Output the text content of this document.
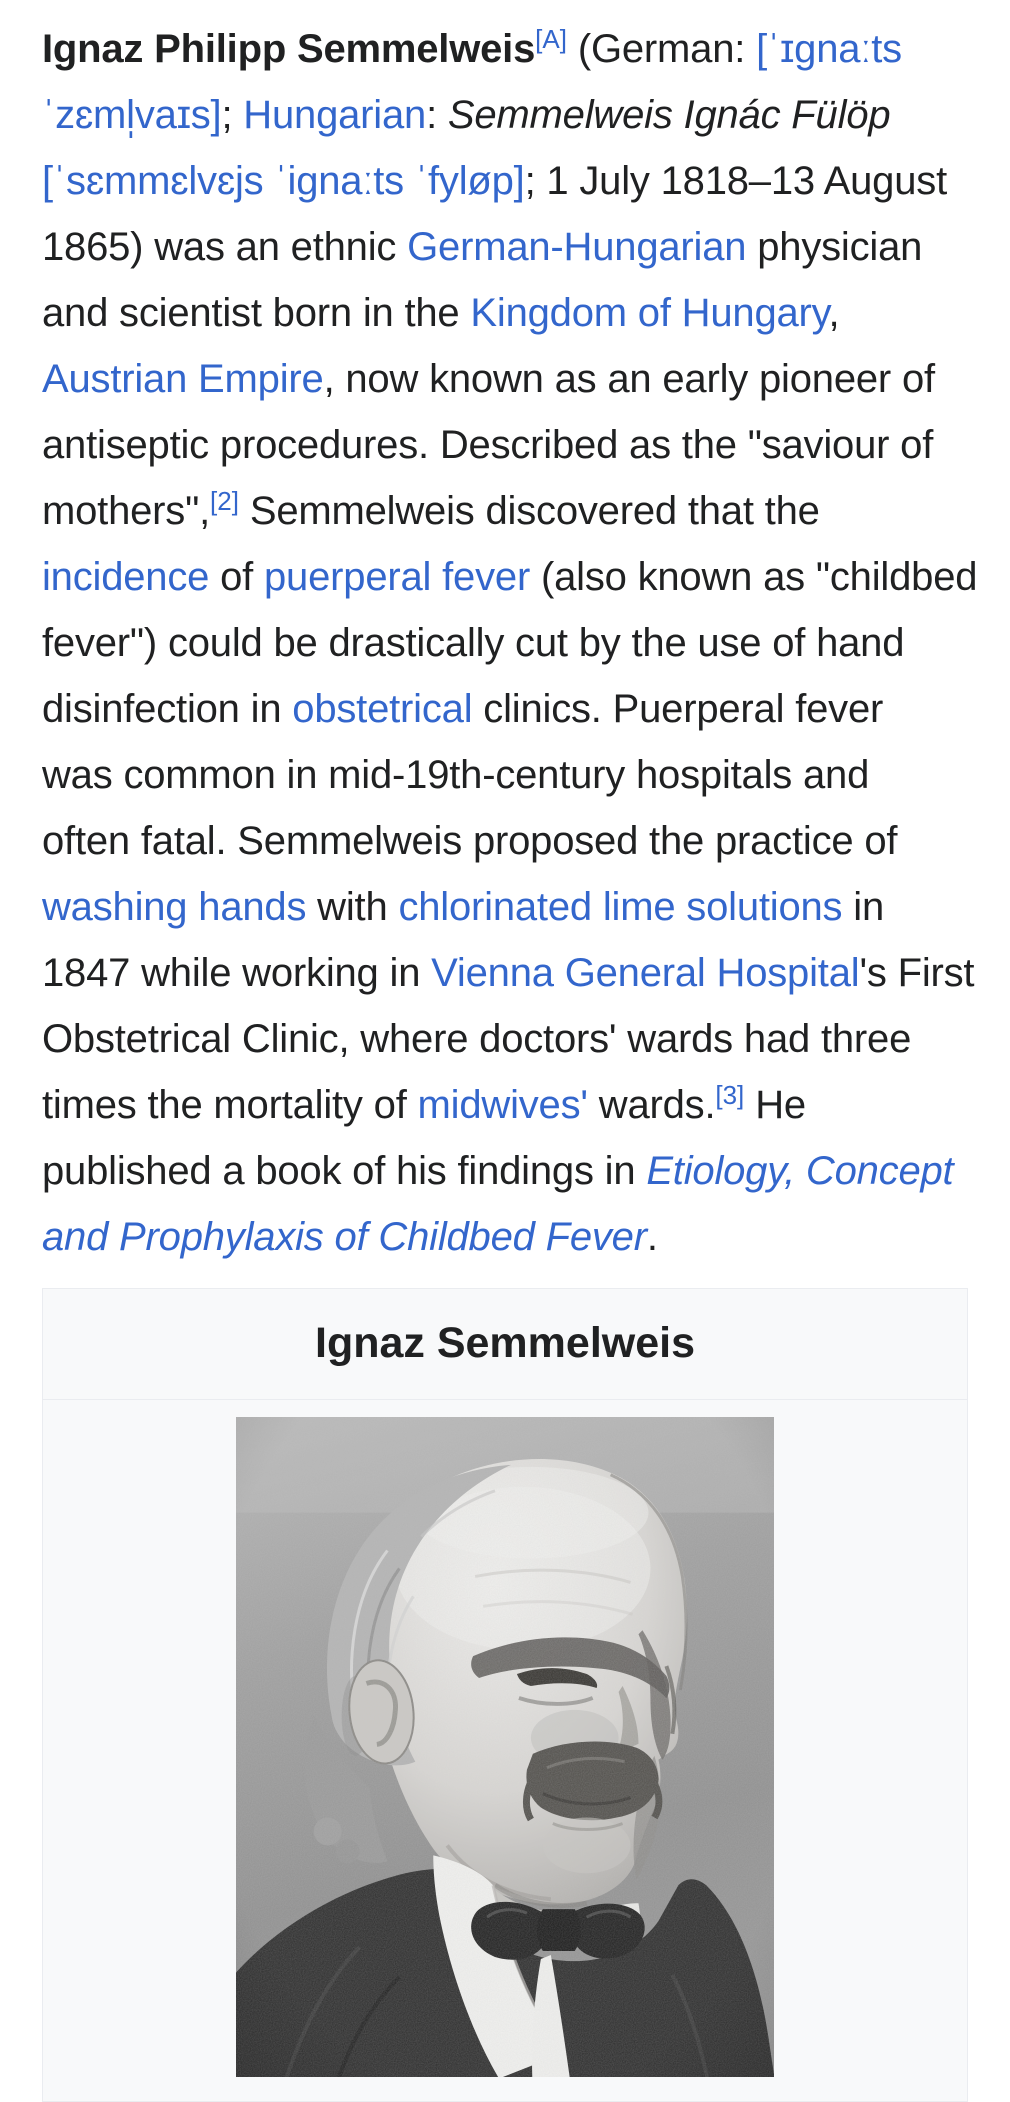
Ignaz Philipp Semmelweis[A] (German: [ˈɪɡnaːts
ˈzɛml̩vaɪs]; Hungarian: Semmelweis Ignác Fülöp
[ˈsɛmmɛlvɛjs ˈiɡnaːts ˈfyløp]; 1 July 1818–13 August
1865) was an ethnic German-Hungarian physician
and scientist born in the Kingdom of Hungary,
Austrian Empire, now known as an early pioneer of
antiseptic procedures. Described as the "saviour of
mothers",[2] Semmelweis discovered that the
incidence of puerperal fever (also known as "childbed
fever") could be drastically cut by the use of hand
disinfection in obstetrical clinics. Puerperal fever
was common in mid-19th-century hospitals and
often fatal. Semmelweis proposed the practice of
washing hands with chlorinated lime solutions in
1847 while working in Vienna General Hospital's First
Obstetrical Clinic, where doctors' wards had three
times the mortality of midwives' wards.[3] He
published a book of his findings in Etiology, Concept
and Prophylaxis of Childbed Fever.
Ignaz Semmelweis
